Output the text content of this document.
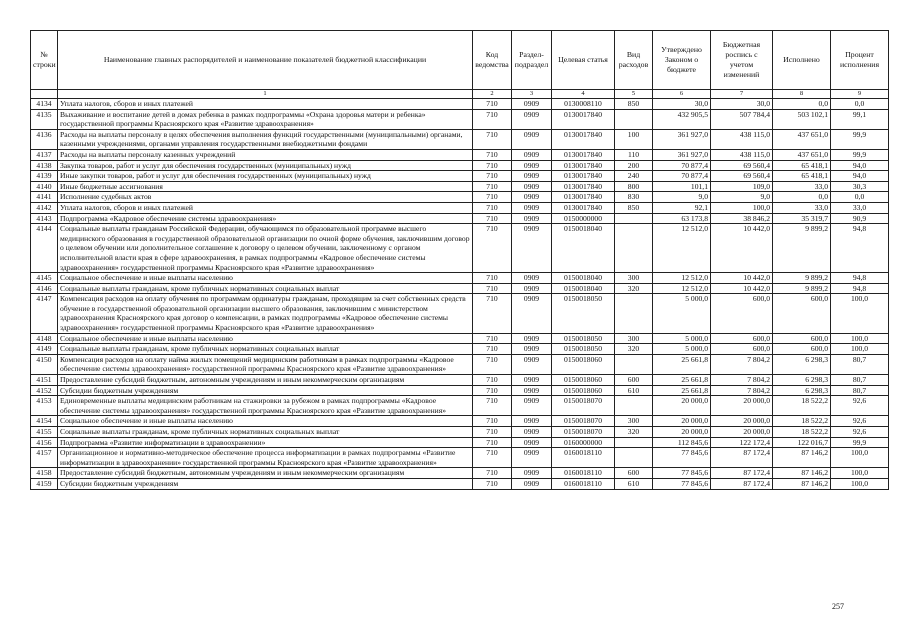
№ строки	Наименование главных распорядителей и наименование показателей бюджетной классификации	Код ведомства	Раздел-подраздел	Целевая статья	Вид расходов	Утверждено Законом о бюджете	Бюджетная роспись с учетом изменений	Исполнено	Процент исполнения
	1	2	3	4	5	6	7	8	9
4134	Уплата налогов, сборов и иных платежей	710	0909	0130008110	850	30,0	30,0	0,0	0,0
4135	Выхаживание и воспитание детей в домах ребенка в рамках подпрограммы «Охрана здоровья матери и ребенка» государственной программы Красноярского края «Развитие здравоохранения»	710	0909	0130017840		432 905,5	507 784,4	503 102,1	99,1
4136	Расходы на выплаты персоналу в целях обеспечения выполнения функций государственными (муниципальными) органами, казенными учреждениями, органами управления государственными внебюджетными фондами	710	0909	0130017840	100	361 927,0	438 115,0	437 651,0	99,9
4137	Расходы на выплаты персоналу казенных учреждений	710	0909	0130017840	110	361 927,0	438 115,0	437 651,0	99,9
4138	Закупка товаров, работ и услуг для обеспечения государственных (муниципальных) нужд	710	0909	0130017840	200	70 877,4	69 560,4	65 418,1	94,0
4139	Иные закупки товаров, работ и услуг для обеспечения государственных (муниципальных) нужд	710	0909	0130017840	240	70 877,4	69 560,4	65 418,1	94,0
4140	Иные бюджетные ассигнования	710	0909	0130017840	800	101,1	109,0	33,0	30,3
4141	Исполнение судебных актов	710	0909	0130017840	830	9,0	9,0	0,0	0,0
4142	Уплата налогов, сборов и иных платежей	710	0909	0130017840	850	92,1	100,0	33,0	33,0
4143	Подпрограмма «Кадровое обеспечение системы здравоохранения»	710	0909	0150000000		63 173,8	38 846,2	35 319,7	90,9
4144	Социальные выплаты гражданам Российской Федерации, обучающимся по образовательной программе высшего медицинского образования в государственной образовательной организации по очной форме обучения, заключившим договор о целевом обучении или дополнительное соглашение к договору о целевом обучении, заключенному с органом исполнительной власти края в сфере здравоохранения, в рамках подпрограммы «Кадровое обеспечение системы здравоохранения» государственной программы Красноярского края «Развитие здравоохранения»	710	0909	0150018040		12 512,0	10 442,0	9 899,2	94,8
4145	Социальное обеспечение и иные выплаты населению	710	0909	0150018040	300	12 512,0	10 442,0	9 899,2	94,8
4146	Социальные выплаты гражданам, кроме публичных нормативных социальных выплат	710	0909	0150018040	320	12 512,0	10 442,0	9 899,2	94,8
4147	Компенсация расходов на оплату обучения по программам ординатуры гражданам, проходящим за счет собственных средств обучение в государственной образовательной организации высшего образования, заключившим с министерством здравоохранения Красноярского края договор о компенсации, в рамках подпрограммы «Кадровое обеспечение системы здравоохранения» государственной программы Красноярского края «Развитие здравоохранения»	710	0909	0150018050		5 000,0	600,0	600,0	100,0
4148	Социальное обеспечение и иные выплаты населению	710	0909	0150018050	300	5 000,0	600,0	600,0	100,0
4149	Социальные выплаты гражданам, кроме публичных нормативных социальных выплат	710	0909	0150018050	320	5 000,0	600,0	600,0	100,0
4150	Компенсация расходов на оплату найма жилых помещений медицинским работникам в рамках подпрограммы «Кадровое обеспечение системы здравоохранения» государственной программы Красноярского края «Развитие здравоохранения»	710	0909	0150018060		25 661,8	7 804,2	6 298,3	80,7
4151	Предоставление субсидий бюджетным, автономным учреждениям и иным некоммерческим организациям	710	0909	0150018060	600	25 661,8	7 804,2	6 298,3	80,7
4152	Субсидии бюджетным учреждениям	710	0909	0150018060	610	25 661,8	7 804,2	6 298,3	80,7
4153	Единовременные выплаты медицинским работникам на стажировки за рубежом в рамках подпрограммы «Кадровое обеспечение системы здравоохранения» государственной программы Красноярского края «Развитие здравоохранения»	710	0909	0150018070		20 000,0	20 000,0	18 522,2	92,6
4154	Социальное обеспечение и иные выплаты населению	710	0909	0150018070	300	20 000,0	20 000,0	18 522,2	92,6
4155	Социальные выплаты гражданам, кроме публичных нормативных социальных выплат	710	0909	0150018070	320	20 000,0	20 000,0	18 522,2	92,6
4156	Подпрограмма «Развитие информатизации в здравоохранении»	710	0909	0160000000		112 845,6	122 172,4	122 016,7	99,9
4157	Организационное и нормативно-методическое обеспечение процесса информатизации в рамках подпрограммы «Развитие информатизации в здравоохранении» государственной программы Красноярского края «Развитие здравоохранения»	710	0909	0160018110		77 845,6	87 172,4	87 146,2	100,0
4158	Предоставление субсидий бюджетным, автономным учреждениям и иным некоммерческим организациям	710	0909	0160018110	600	77 845,6	87 172,4	87 146,2	100,0
4159	Субсидии бюджетным учреждениям	710	0909	0160018110	610	77 845,6	87 172,4	87 146,2	100,0
257
